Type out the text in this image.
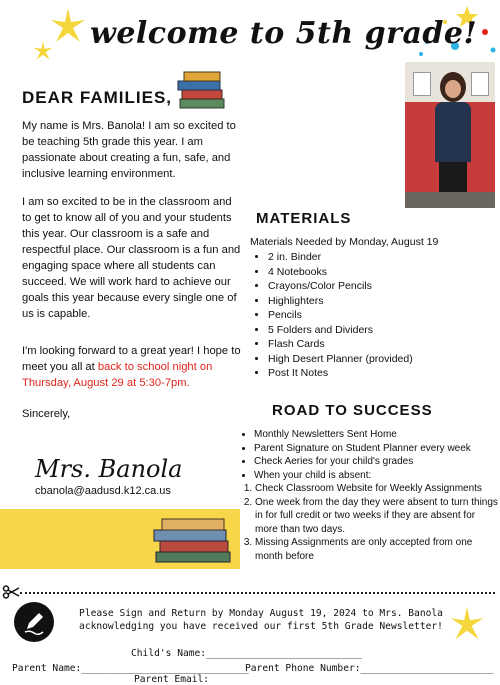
welcome to 5th grade!
DEAR FAMILIES,
My name is Mrs. Banola! I am so excited to be teaching 5th grade this year. I am passionate about creating a fun, safe, and inclusive learning environment.
I am so excited to be in the classroom and to get to know all of you and your students this year. Our classroom is a safe and respectful place. Our classroom is a fun and engaging space where all students can succeed. We will work hard to achieve our goals this year because every single one of us is capable.
I'm looking forward to a great year! I hope to meet you all at back to school night on Thursday, August 29 at 5:30-7pm.
Sincerely,
MATERIALS
Materials Needed by Monday, August 19
• 2 in. Binder
• 4 Notebooks
• Crayons/Color Pencils
• Highlighters
• Pencils
• 5 Folders and Dividers
• Flash Cards
• High Desert Planner (provided)
• Post It Notes
ROAD TO SUCCESS
• Monthly Newsletters Sent Home
• Parent Signature on Student Planner every week
• Check Aeries for your child's grades
• When your child is absent:
1. Check Classroom Website for Weekly Assignments
2. One week from the day they were absent to turn things in for full credit or two weeks if they are absent for more than two days.
3. Missing Assignments are only accepted from one month before
Mrs. Banola
cbanola@aadusd.k12.ca.us
Please Sign and Return by Monday August 19, 2024 to Mrs. Banola acknowledging you have received our first 5th Grade Newsletter!
Child's Name:___________________________
Parent Name:_____________________________
Parent Phone Number:_______________________
Parent Email:
